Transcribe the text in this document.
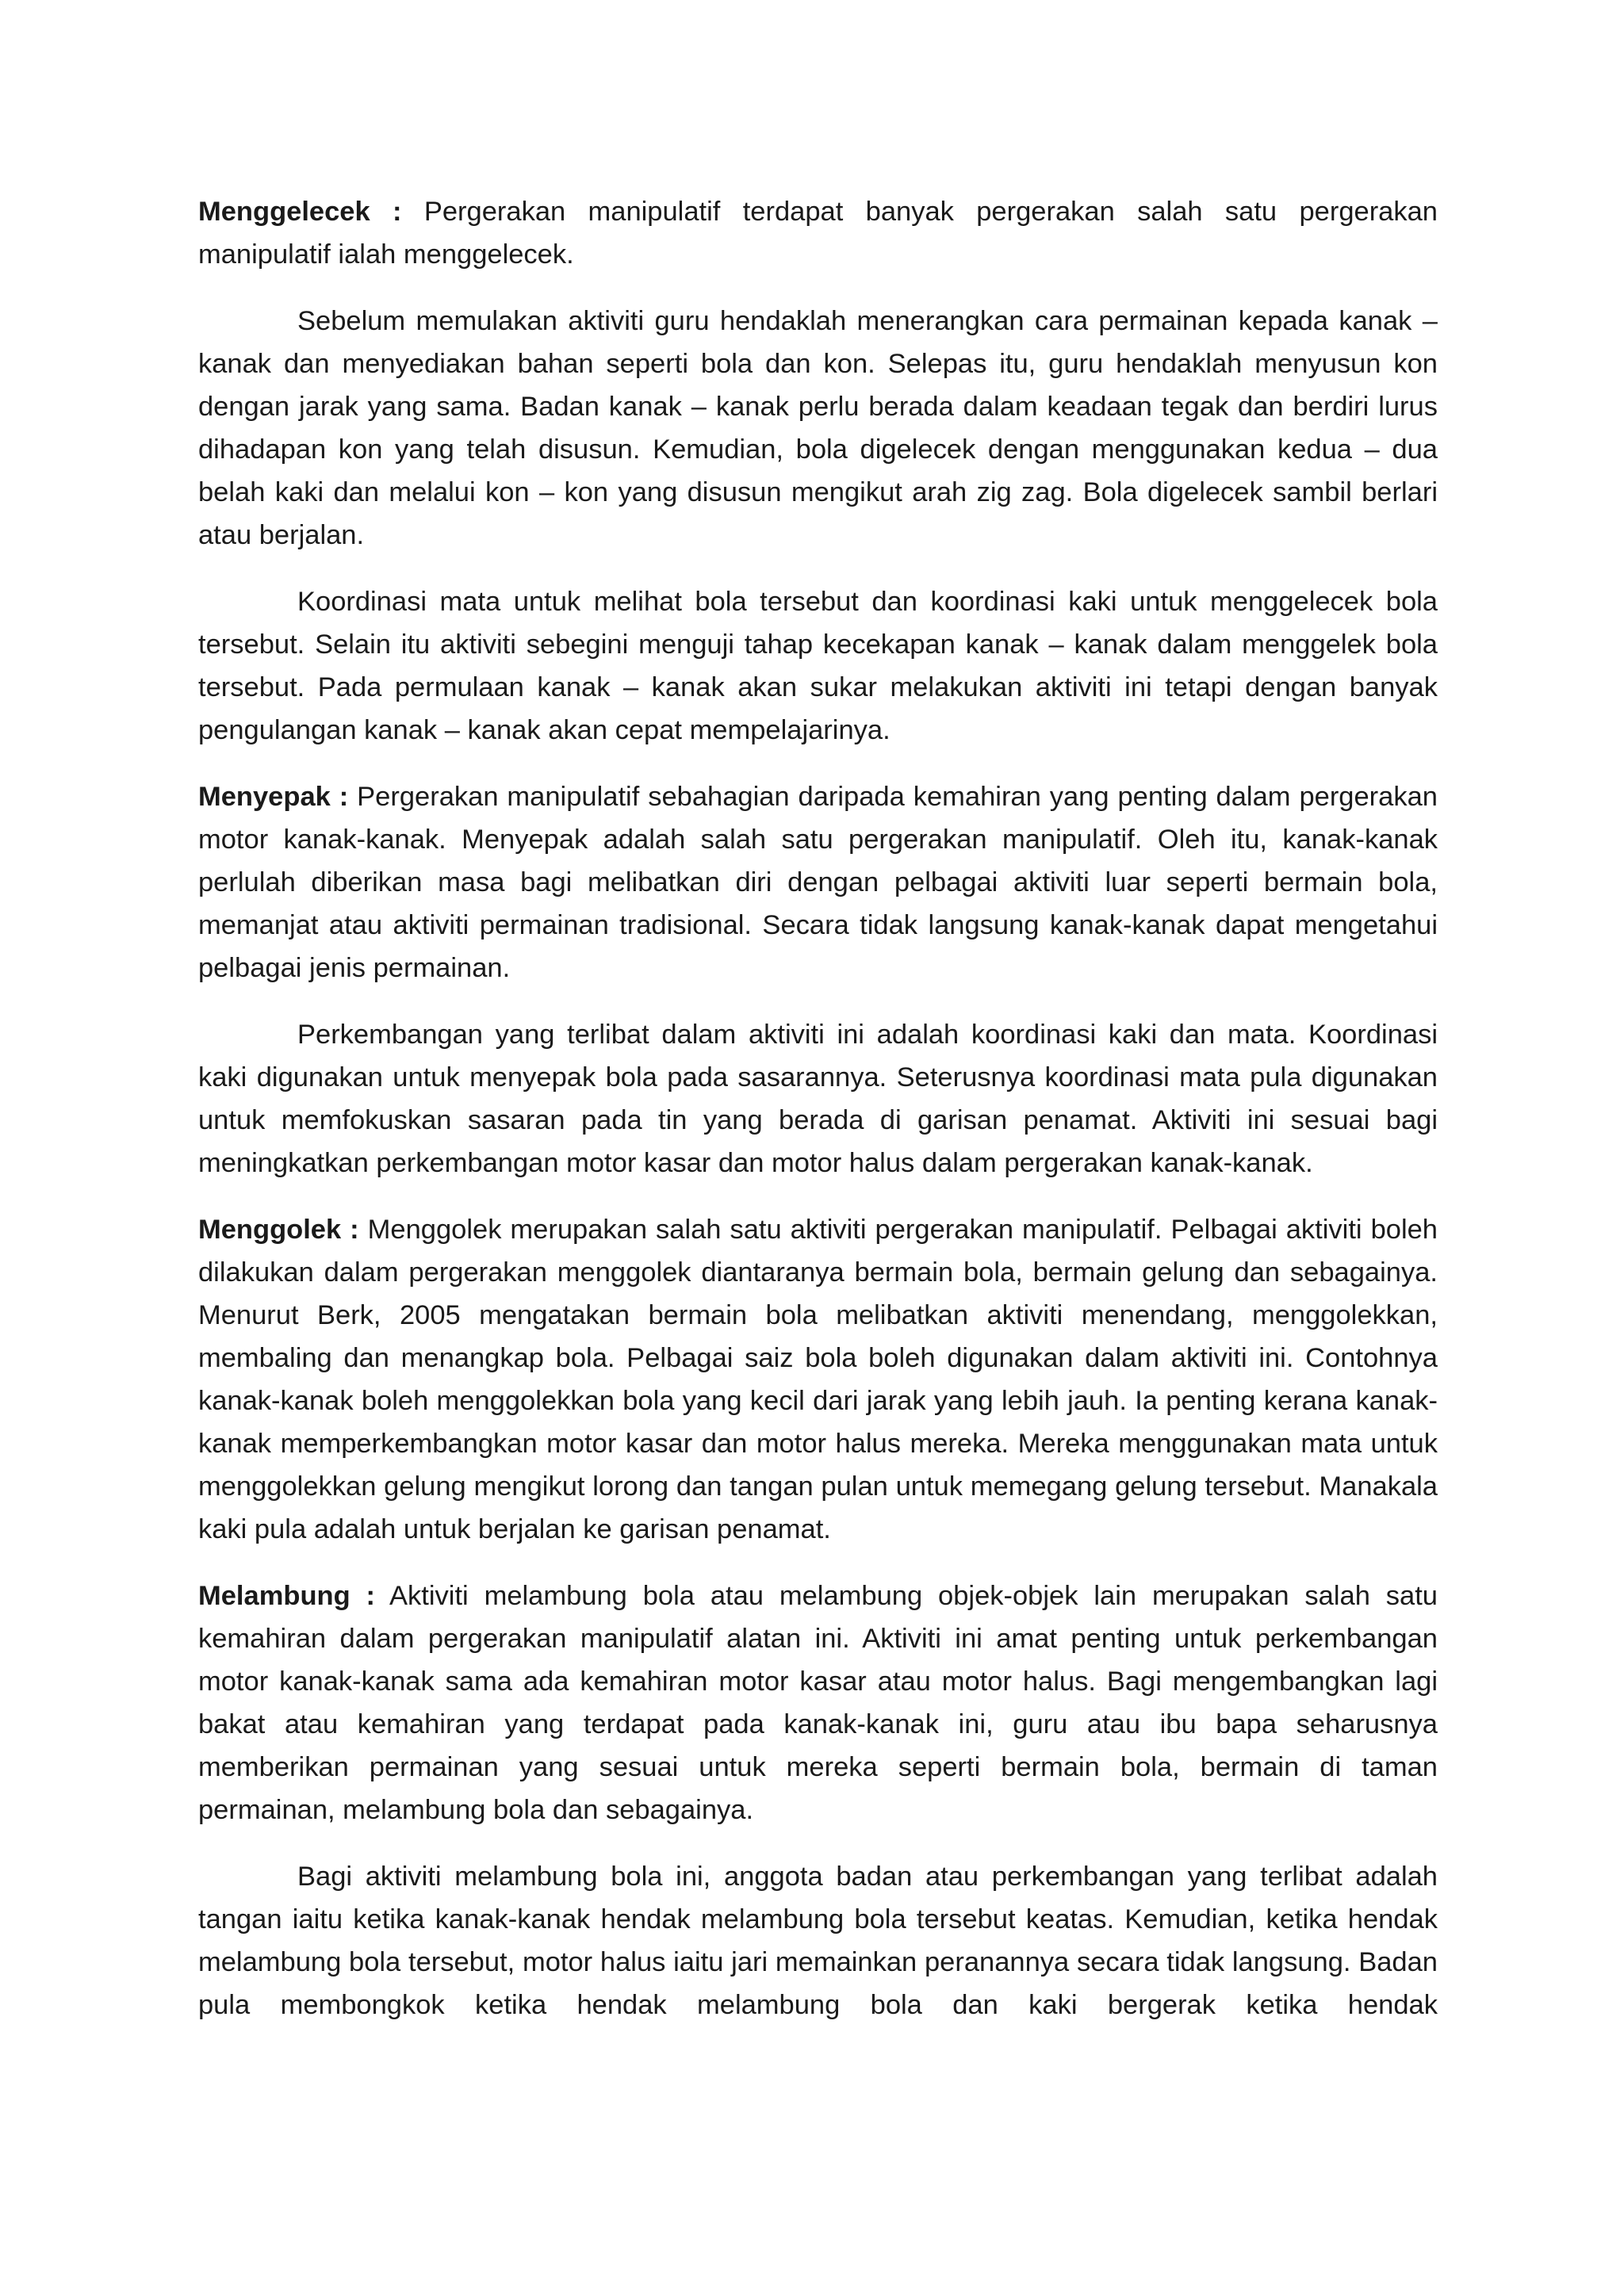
Menggelecek : Pergerakan manipulatif terdapat banyak pergerakan salah satu pergerakan manipulatif ialah menggelecek.

Sebelum memulakan aktiviti guru hendaklah menerangkan cara permainan kepada kanak – kanak dan menyediakan bahan seperti bola dan kon. Selepas itu, guru hendaklah menyusun kon dengan jarak yang sama. Badan kanak – kanak perlu berada dalam keadaan tegak dan berdiri lurus dihadapan kon yang telah disusun. Kemudian, bola digelecek dengan menggunakan kedua – dua belah kaki dan melalui kon – kon yang disusun mengikut arah zig zag. Bola digelecek sambil berlari atau berjalan.

Koordinasi mata untuk melihat bola tersebut dan koordinasi kaki untuk menggelecek bola tersebut. Selain itu aktiviti sebegini menguji tahap kecekapan kanak – kanak dalam menggelek bola tersebut. Pada permulaan kanak – kanak akan sukar melakukan aktiviti ini tetapi dengan banyak pengulangan kanak – kanak akan cepat mempelajarinya.

Menyepak : Pergerakan manipulatif sebahagian daripada kemahiran yang penting dalam pergerakan motor kanak-kanak. Menyepak adalah salah satu pergerakan manipulatif. Oleh itu, kanak-kanak perlulah diberikan masa bagi melibatkan diri dengan pelbagai aktiviti luar seperti bermain bola, memanjat atau aktiviti permainan tradisional. Secara tidak langsung kanak-kanak dapat mengetahui pelbagai jenis permainan.

Perkembangan yang terlibat dalam aktiviti ini adalah koordinasi kaki dan mata. Koordinasi kaki digunakan untuk menyepak bola pada sasarannya. Seterusnya koordinasi mata pula digunakan untuk memfokuskan sasaran pada tin yang berada di garisan penamat. Aktiviti ini sesuai bagi meningkatkan perkembangan motor kasar dan motor halus dalam pergerakan kanak-kanak.

Menggolek : Menggolek merupakan salah satu aktiviti pergerakan manipulatif. Pelbagai aktiviti boleh dilakukan dalam pergerakan menggolek diantaranya bermain bola, bermain gelung dan sebagainya. Menurut Berk, 2005 mengatakan bermain bola melibatkan aktiviti menendang, menggolekkan, membaling dan menangkap bola. Pelbagai saiz bola boleh digunakan dalam aktiviti ini. Contohnya kanak-kanak boleh menggolekkan bola yang kecil dari jarak yang lebih jauh. Ia penting kerana kanak-kanak memperkembangkan motor kasar dan motor halus mereka. Mereka menggunakan mata untuk menggolekkan gelung mengikut lorong dan tangan pulan untuk memegang gelung tersebut. Manakala kaki pula adalah untuk berjalan ke garisan penamat.

Melambung : Aktiviti melambung bola atau melambung objek-objek lain merupakan salah satu kemahiran dalam pergerakan manipulatif alatan ini. Aktiviti ini amat penting untuk perkembangan motor kanak-kanak sama ada kemahiran motor kasar atau motor halus. Bagi mengembangkan lagi bakat atau kemahiran yang terdapat pada kanak-kanak ini, guru atau ibu bapa seharusnya memberikan permainan yang sesuai untuk mereka seperti bermain bola, bermain di taman permainan, melambung bola dan sebagainya.

Bagi aktiviti melambung bola ini, anggota badan atau perkembangan yang terlibat adalah tangan iaitu ketika kanak-kanak hendak melambung bola tersebut keatas. Kemudian, ketika hendak melambung bola tersebut, motor halus iaitu jari memainkan peranannya secara tidak langsung. Badan pula membongkok ketika hendak melambung bola dan kaki bergerak ketika hendak
